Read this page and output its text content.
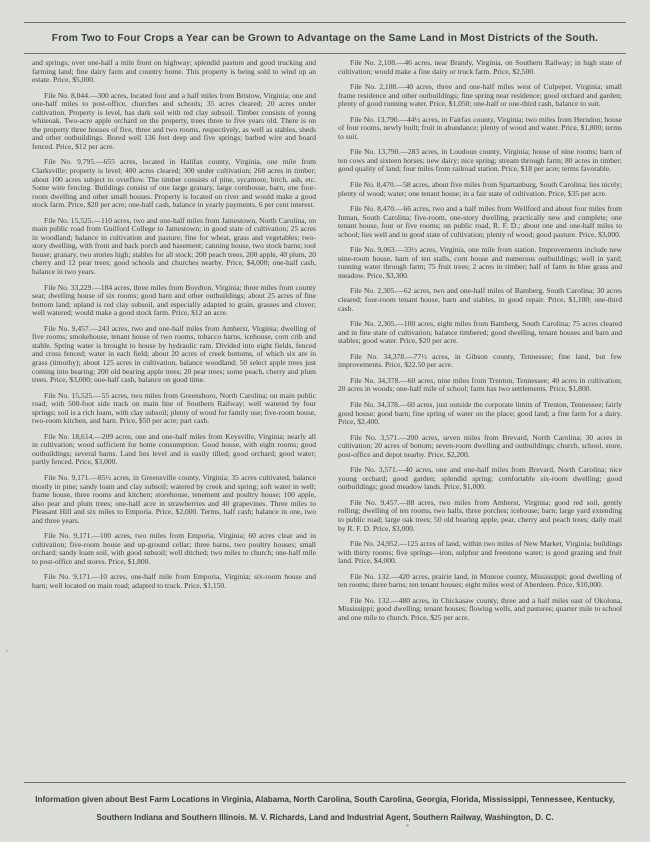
From Two to Four Crops a Year can be Grown to Advantage on the Same Land in Most Districts of the South.

and springs; over one-half a mile front on highway; splendid pasture and good trucking and farming land; fine dairy farm and country home. This property is being sold to wind up an estate. Price, $5,000.

File No. 8,044.—300 acres, located four and a half miles from Bristow, Virginia; one and one-half miles to post-office, churches and schools; 35 acres cleared; 20 acres under cultivation. Property is level, has dark soil with red clay subsoil. Timber consists of young whiteoak. Two-acre apple orchard on the property, trees three to five years old. There is on the property three houses of five, three and two rooms, respectively, as well as stables, sheds and other outbuildings. Bored well 136 feet deep and five springs; barbed wire and board fenced. Price, $12 per acre.

File No. 9,795.—655 acres, located in Halifax county, Virginia, one mile from Clarksville; property is level; 400 acres cleared; 300 under cultivation; 268 acres in timber; about 100 acres subject to overflow. The timber consists of pine, sycamore, birch, ash, etc. Some wire fencing. Buildings consist of one large granary, large cornhouse, barn, one four-room dwelling and other small houses. Property is located on river and would make a good stock farm. Price, $20 per acre; one-half cash, balance in yearly payments, 6 per cent interest.

File No. 15,525.—110 acres, two and one-half miles from Jamestown, North Carolina, on main public road from Guilford College to Jamestown; in good state of cultivation; 25 acres in woodland; balance in cultivation and pasture; fine for wheat, grass and vegetables; two-story dwelling, with front and back porch and basement; canning house, two stock barns; tool house; granary, two stories high; stables for all stock; 200 peach trees, 200 apple, 40 plum, 20 cherry and 12 pear trees; good schools and churches nearby. Price, $4,000; one-half cash, balance in two years.

File No. 33,229.—184 acres, three miles from Boydton, Virginia; three miles from county seat; dwelling house of six rooms; good barn and other outbuildings; about 25 acres of fine bottom land; upland is red clay subsoil, and especially adapted to grain, grasses and clover; well watered; would make a good stock farm. Price, $12 an acre.

File No. 9,457.—243 acres, two and one-half miles from Amherst, Virginia; dwelling of five rooms; smokehouse, tenant house of two rooms, tobacco barns, icehouse, corn crib and stable. Spring water is brought to house by hydraulic ram. Divided into eight fields, fenced and cross fenced; water in each field; about 20 acres of creek bottoms, of which six are in grass (timothy); about 125 acres in cultivation, balance woodland; 50 select apple trees just coming into bearing; 200 old bearing apple trees; 20 pear trees; some peach, cherry and plum trees. Price, $3,000; one-half cash, balance on good time.

File No. 15,525.—55 acres, two miles from Greensboro, North Carolina; on main public road; with 500-foot side track on main line of Southern Railway; well watered by four springs; soil is a rich loam, with clay subsoil; plenty of wood for family use; five-room house, two-room kitchen, and barn. Price, $50 per acre; part cash.

File No. 18,614.—209 acres, one and one-half miles from Keysville, Virginia; nearly all in cultivation; wood sufficient for home consumption. Good house, with eight rooms; good outbuildings; several barns. Land lies level and is easily tilled; good orchard; good water; partly fenced. Price, $3,000.

File No. 9,171.—85½ acres, in Greensville county, Virginia; 35 acres cultivated, balance mostly in pine; sandy loam and clay subsoil; watered by creek and spring; soft water in well; frame house, three rooms and kitchen; storehouse, tenement and poultry house; 100 apple, also pear and plum trees; one-half acre in strawberries and 40 grapevines. Three miles to Pleasant Hill and six miles to Emporia. Price, $2,000. Terms, half cash; balance in one, two and three years.

File No. 9,171.—100 acres, two miles from Emporia, Virginia; 60 acres clear and in cultivation; five-room house and up-ground cellar; three barns, two poultry houses; small orchard; sandy loam soil, with good subsoil; well ditched; two miles to church; one-half mile to post-office and stores. Price, $1,800.

File No. 9,171.—10 acres, one-half mile from Emporia, Virginia; six-room house and barn; well located on main road; adapted to truck. Price, $1,150.

File No. 2,108.—46 acres, near Brandy, Virginia, on Southern Railway; in high state of cultivation; would make a fine dairy or truck farm. Price, $2,500.

File No. 2,108.—40 acres, three and one-half miles west of Culpeper, Virginia; small frame residence and other outbuildings; fine spring near residence; good orchard and garden; plenty of good running water. Price, $1,050; one-half or one-third cash, balance to suit.

File No. 13,790.—44½ acres, in Fairfax county, Virginia; two miles from Herndon; house of four rooms, newly built; fruit in abundance; plenty of wood and water. Price, $1,800; terms to suit.

File No. 13,790.—283 acres, in Loudoun county, Virginia; house of nine rooms; barn of ten cows and sixteen horses; new dairy; nice spring; stream through farm; 80 acres in timber; good quality of land; four miles from railroad station. Price, $18 per acre; terms favorable.

File No. 8,470.—58 acres, about five miles from Spartanburg, South Carolina; lies nicely; plenty of wood; water; one tenant house; in a fair state of cultivation. Price, $35 per acre.

File No. 8,470.—66 acres, two and a half miles from Wellford and about four miles from Inman, South Carolina; five-room, one-story dwelling, practically new and complete; one tenant house, four or five rooms; on public road, R. F. D.; about one and one-half miles to school; lies well and in good state of cultivation; plenty of wood; good pasture. Price, $3,000.

File No. 9,063.—33½ acres, Virginia, one mile from station. Improvements include new nine-room house, barn of ten stalls, corn house and numerous outbuildings; well in yard; running water through farm; 75 fruit trees; 2 acres in timber; half of farm in blue grass and meadow. Price, $3,300.

File No. 2,305.—62 acres, two and one-half miles of Bamberg, South Carolina; 30 acres cleared; four-room tenant house, barn and stables, in good repair. Price, $1,100; one-third cash.

File No. 2,305.—100 acres, eight miles from Bamberg, South Carolina; 75 acres cleared and in fine state of cultivation; balance timbered; good dwelling, tenant houses and barn and stables; good water. Price, $20 per acre.

File No. 34,378.—77½ acres, in Gibson county, Tennessee; fine land, but few improvements. Price, $22.50 per acre.

File No. 34,378.—60 acres, nine miles from Trenton, Tennessee; 40 acres in cultivation; 20 acres in woods; one-half mile of school; farm has two settlements. Price, $1,800.

File No. 34,378.—60 acres, just outside the corporate limits of Trenton, Tennessee; fairly good house; good barn; fine spring of water on the place; good land; a fine farm for a dairy. Price, $2,400.

File No. 3,571.—200 acres, seven miles from Brevard, North Carolina; 30 acres in cultivation; 20 acres of bottom; seven-room dwelling and outbuildings; church, school, store, post-office and depot nearby. Price, $2,200.

File No. 3,571.—40 acres, one and one-half miles from Brevard, North Carolina; nice young orchard; good garden; splendid spring; comfortable six-room dwelling; good outbuildings; good meadow lands. Price, $1,000.

File No. 9,457.—88 acres, two miles from Amherst, Virginia; good red soil, gently rolling; dwelling of ten rooms, two halls, three porches; icehouse; barn; large yard extending to public road; large oak trees; 50 old bearing apple, pear, cherry and peach trees; daily mail by R. F. D. Price, $3,000.

File No. 24,952.—125 acres of land, within two miles of New Market, Virginia; buildings with thirty rooms; five springs—iron, sulphur and freestone water; is good grazing and fruit land. Price, $4,000.

File No. 132.—420 acres, prairie land, in Monroe county, Mississippi; good dwelling of ten rooms; three barns; ten tenant houses; eight miles west of Aberdeen. Price, $10,000.

File No. 132.—480 acres, in Chickasaw county, three and a half miles east of Okolona, Mississippi; good dwelling; tenant houses; flowing wells, and pastures; quarter mile to school and one mile to church. Price, $25 per acre.

Information given about Best Farm Locations in Virginia, Alabama, North Carolina, South Carolina, Georgia, Florida, Mississippi, Tennessee, Kentucky, Southern Indiana and Southern Illinois. M. V. Richards, Land and Industrial Agent, Southern Railway, Washington, D. C.
